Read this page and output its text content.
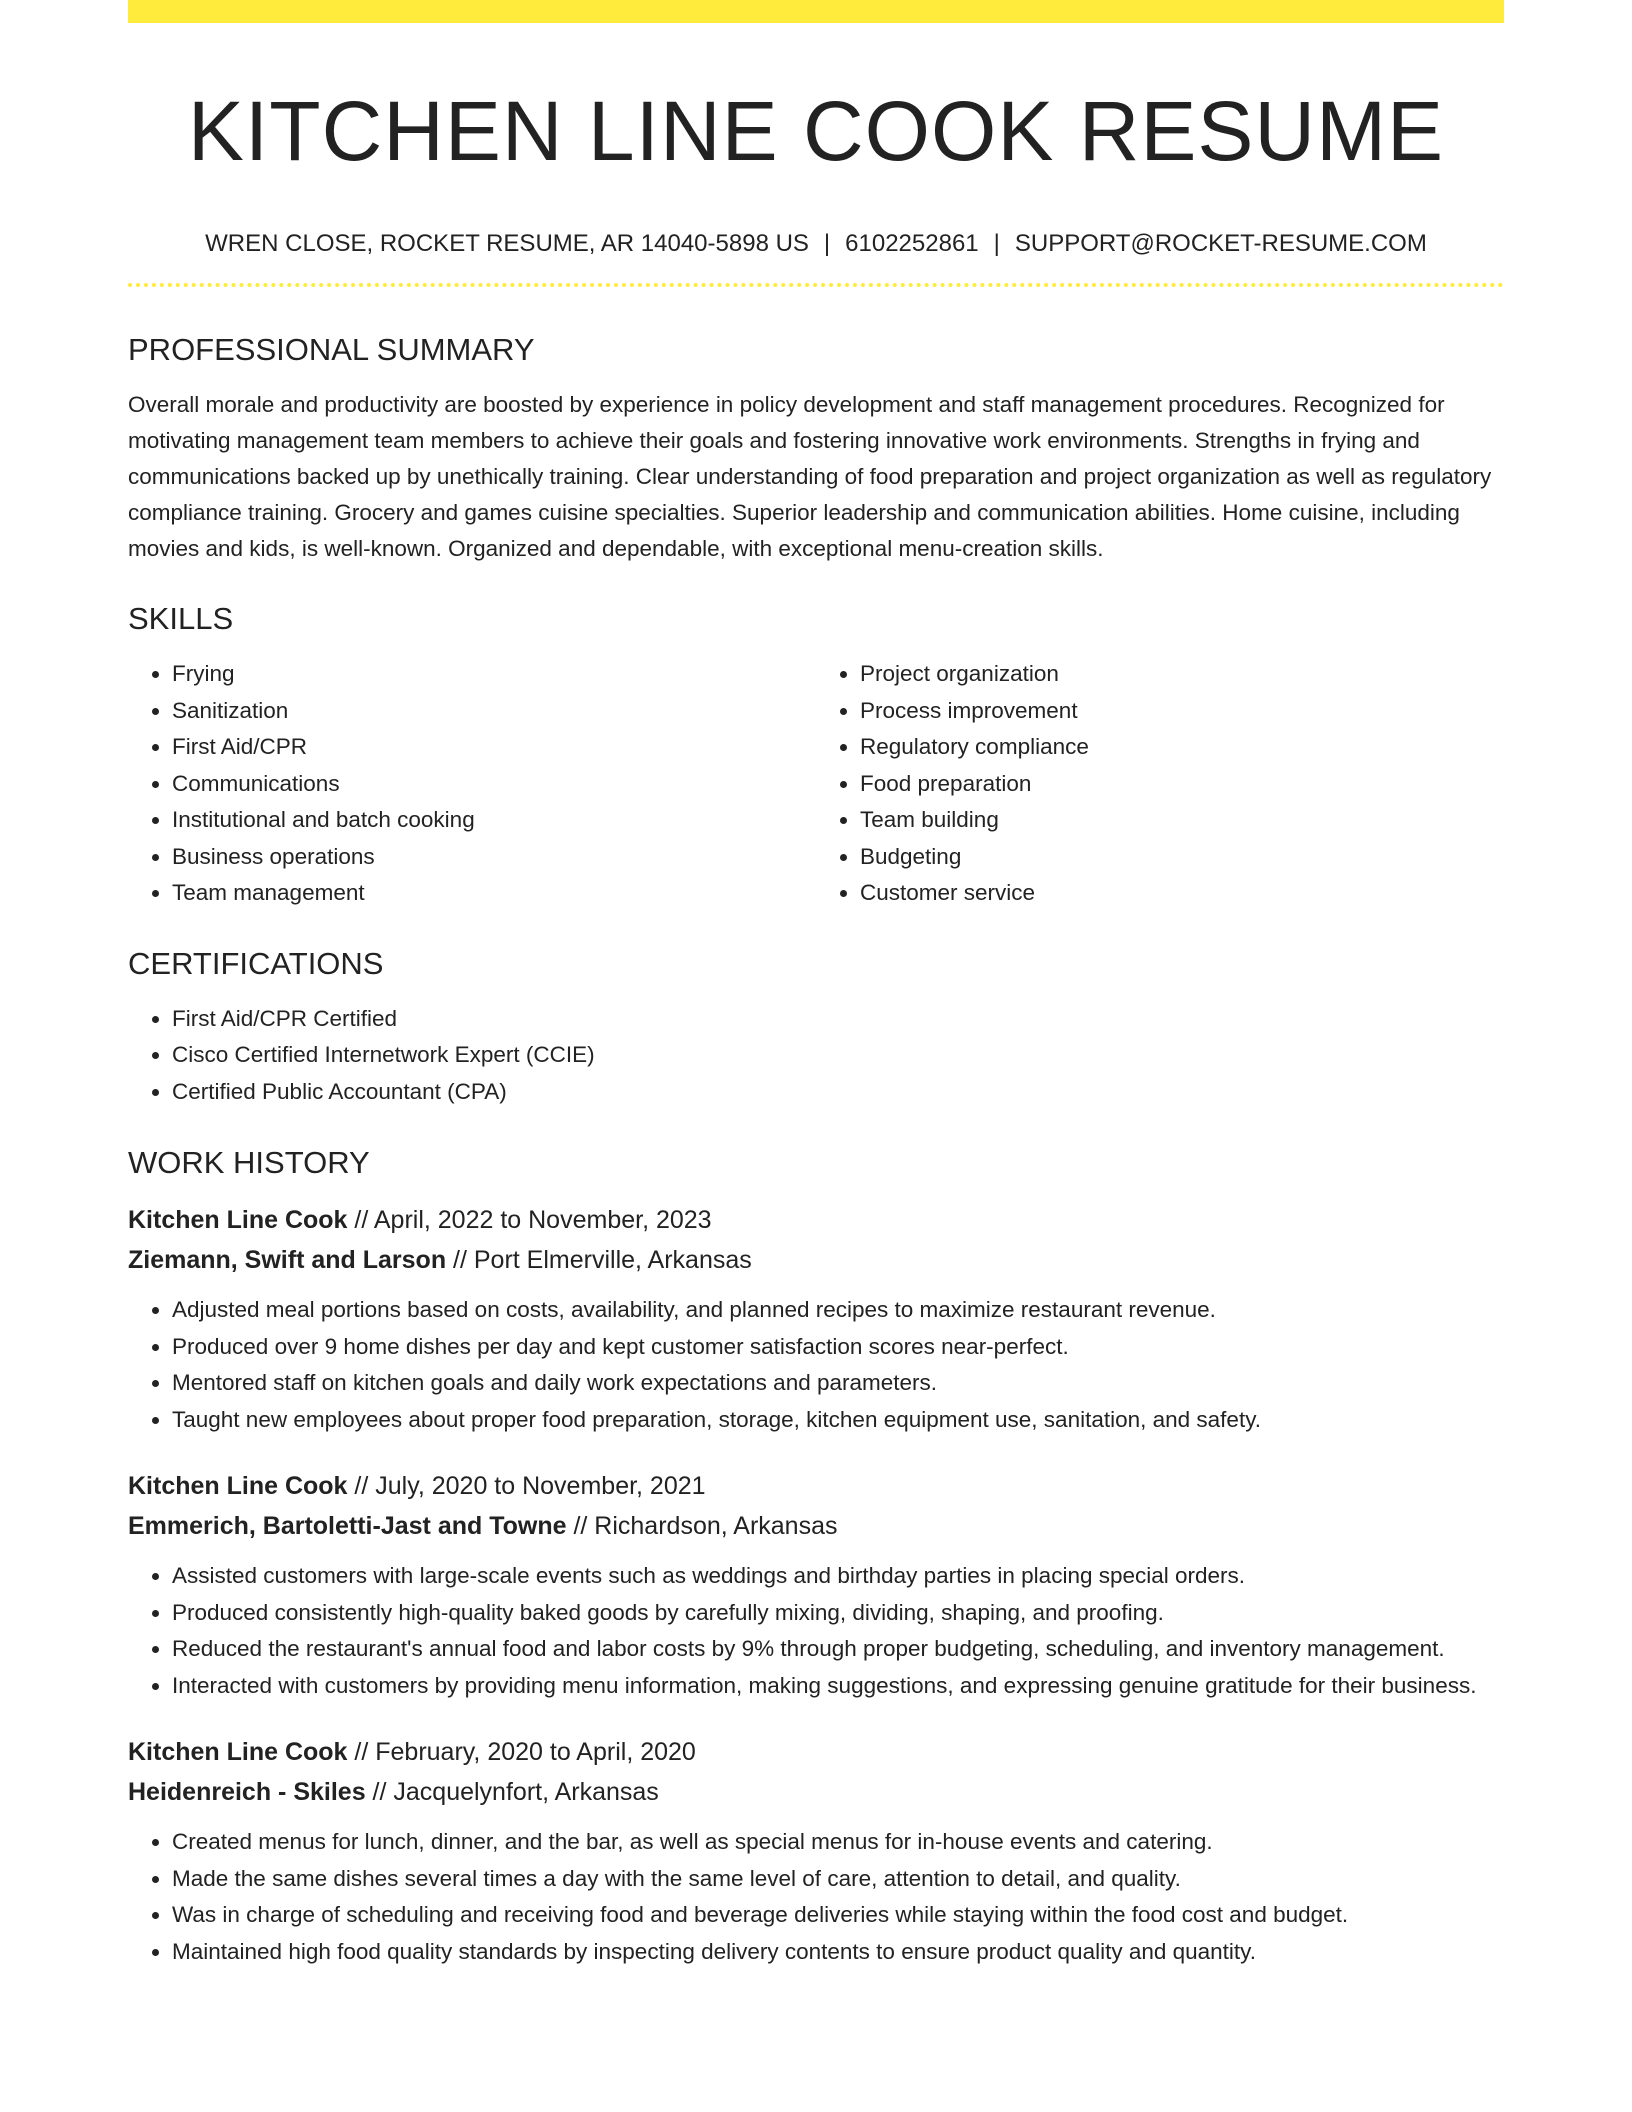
KITCHEN LINE COOK RESUME
WREN CLOSE, ROCKET RESUME, AR 14040-5898 US | 6102252861 | SUPPORT@ROCKET-RESUME.COM
PROFESSIONAL SUMMARY

Overall morale and productivity are boosted by experience in policy development and staff management procedures. Recognized for motivating management team members to achieve their goals and fostering innovative work environments. Strengths in frying and communications backed up by unethically training. Clear understanding of food preparation and project organization as well as regulatory compliance training. Grocery and games cuisine specialties. Superior leadership and communication abilities. Home cuisine, including movies and kids, is well-known. Organized and dependable, with exceptional menu-creation skills.

SKILLS
• Frying
• Sanitization
• First Aid/CPR
• Communications
• Institutional and batch cooking
• Business operations
• Team management
• Project organization
• Process improvement
• Regulatory compliance
• Food preparation
• Team building
• Budgeting
• Customer service
CERTIFICATIONS
• First Aid/CPR Certified
• Cisco Certified Internetwork Expert (CCIE)
• Certified Public Accountant (CPA)
WORK HISTORY
Kitchen Line Cook // April, 2022 to November, 2023
Ziemann, Swift and Larson // Port Elmerville, Arkansas
• Adjusted meal portions based on costs, availability, and planned recipes to maximize restaurant revenue.
• Produced over 9 home dishes per day and kept customer satisfaction scores near-perfect.
• Mentored staff on kitchen goals and daily work expectations and parameters.
• Taught new employees about proper food preparation, storage, kitchen equipment use, sanitation, and safety.
Kitchen Line Cook // July, 2020 to November, 2021
Emmerich, Bartoletti-Jast and Towne // Richardson, Arkansas
• Assisted customers with large-scale events such as weddings and birthday parties in placing special orders.
• Produced consistently high-quality baked goods by carefully mixing, dividing, shaping, and proofing.
• Reduced the restaurant's annual food and labor costs by 9% through proper budgeting, scheduling, and inventory management.
• Interacted with customers by providing menu information, making suggestions, and expressing genuine gratitude for their business.
Kitchen Line Cook // February, 2020 to April, 2020
Heidenreich - Skiles // Jacquelynfort, Arkansas
• Created menus for lunch, dinner, and the bar, as well as special menus for in-house events and catering.
• Made the same dishes several times a day with the same level of care, attention to detail, and quality.
• Was in charge of scheduling and receiving food and beverage deliveries while staying within the food cost and budget.
• Maintained high food quality standards by inspecting delivery contents to ensure product quality and quantity.
